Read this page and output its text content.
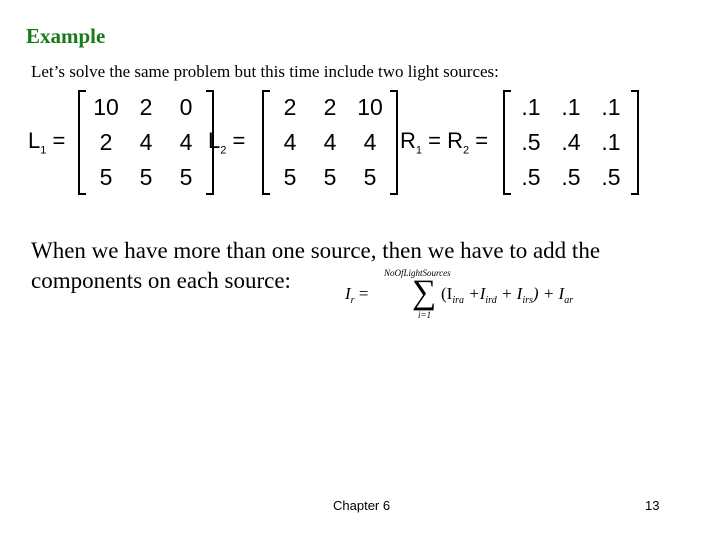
Example
Let’s solve the same problem but this time include two light sources:
$L_1$ =
10 2	0
2	4	4
5	5	5
$L_2$ =
2	2 10
4	4	4
5	5	5
$R_1 = R_2$ =
.1 .1 .1
.5 .4 .1
.5 .5 .5
When we have more than one source, then we have to add the components on each source:
$I_r$ =	$(I_{ira} +I_{ird} + I_{irs}) + I_{ar}$
NoOfLightSources
∑
i=1
Chapter 6	13
